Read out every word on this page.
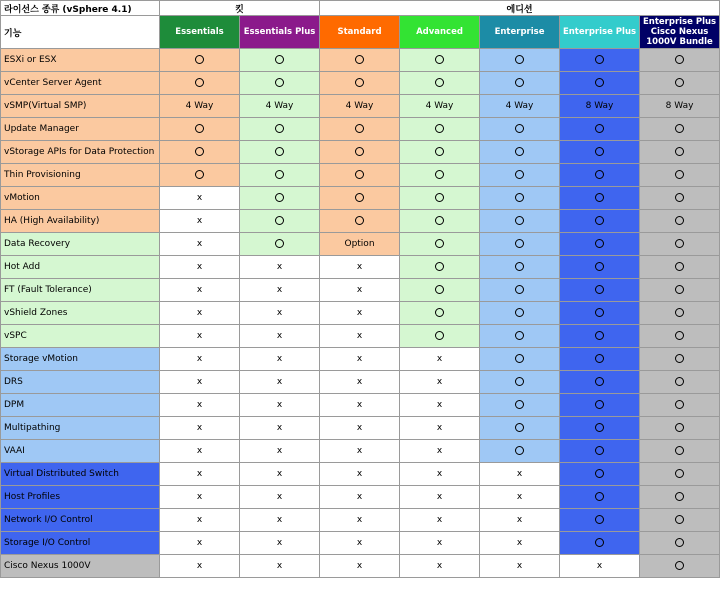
라이선스 종류 (vSphere 4.1)	킷		에디션				
기능	Essentials	Essentials Plus	Standard	Advanced	Enterprise	Enterprise Plus	Enterprise Plus Cisco Nexus 1000V Bundle
ESXi or ESX							
vCenter Server Agent							
vSMP(Virtual SMP)	4 Way	4 Way	4 Way	4 Way	4 Way	8 Way	8 Way
Update Manager							
vStorage APIs for Data Protection							
Thin Provisioning							
vMotion	x						
HA (High Availability)	x						
Data Recovery	x		Option				
Hot Add	x	x	x				
FT (Fault Tolerance)	x	x	x				
vShield Zones	x	x	x				
vSPC	x	x	x				
Storage vMotion	x	x	x	x			
DRS	x	x	x	x			
DPM	x	x	x	x			
Multipathing	x	x	x	x			
VAAI	x	x	x	x			
Virtual Distributed Switch	x	x	x	x	x		
Host Profiles	x	x	x	x	x		
Network I/O Control	x	x	x	x	x		
Storage I/O Control	x	x	x	x	x		
Cisco Nexus 1000V	x	x	x	x	x	x	
